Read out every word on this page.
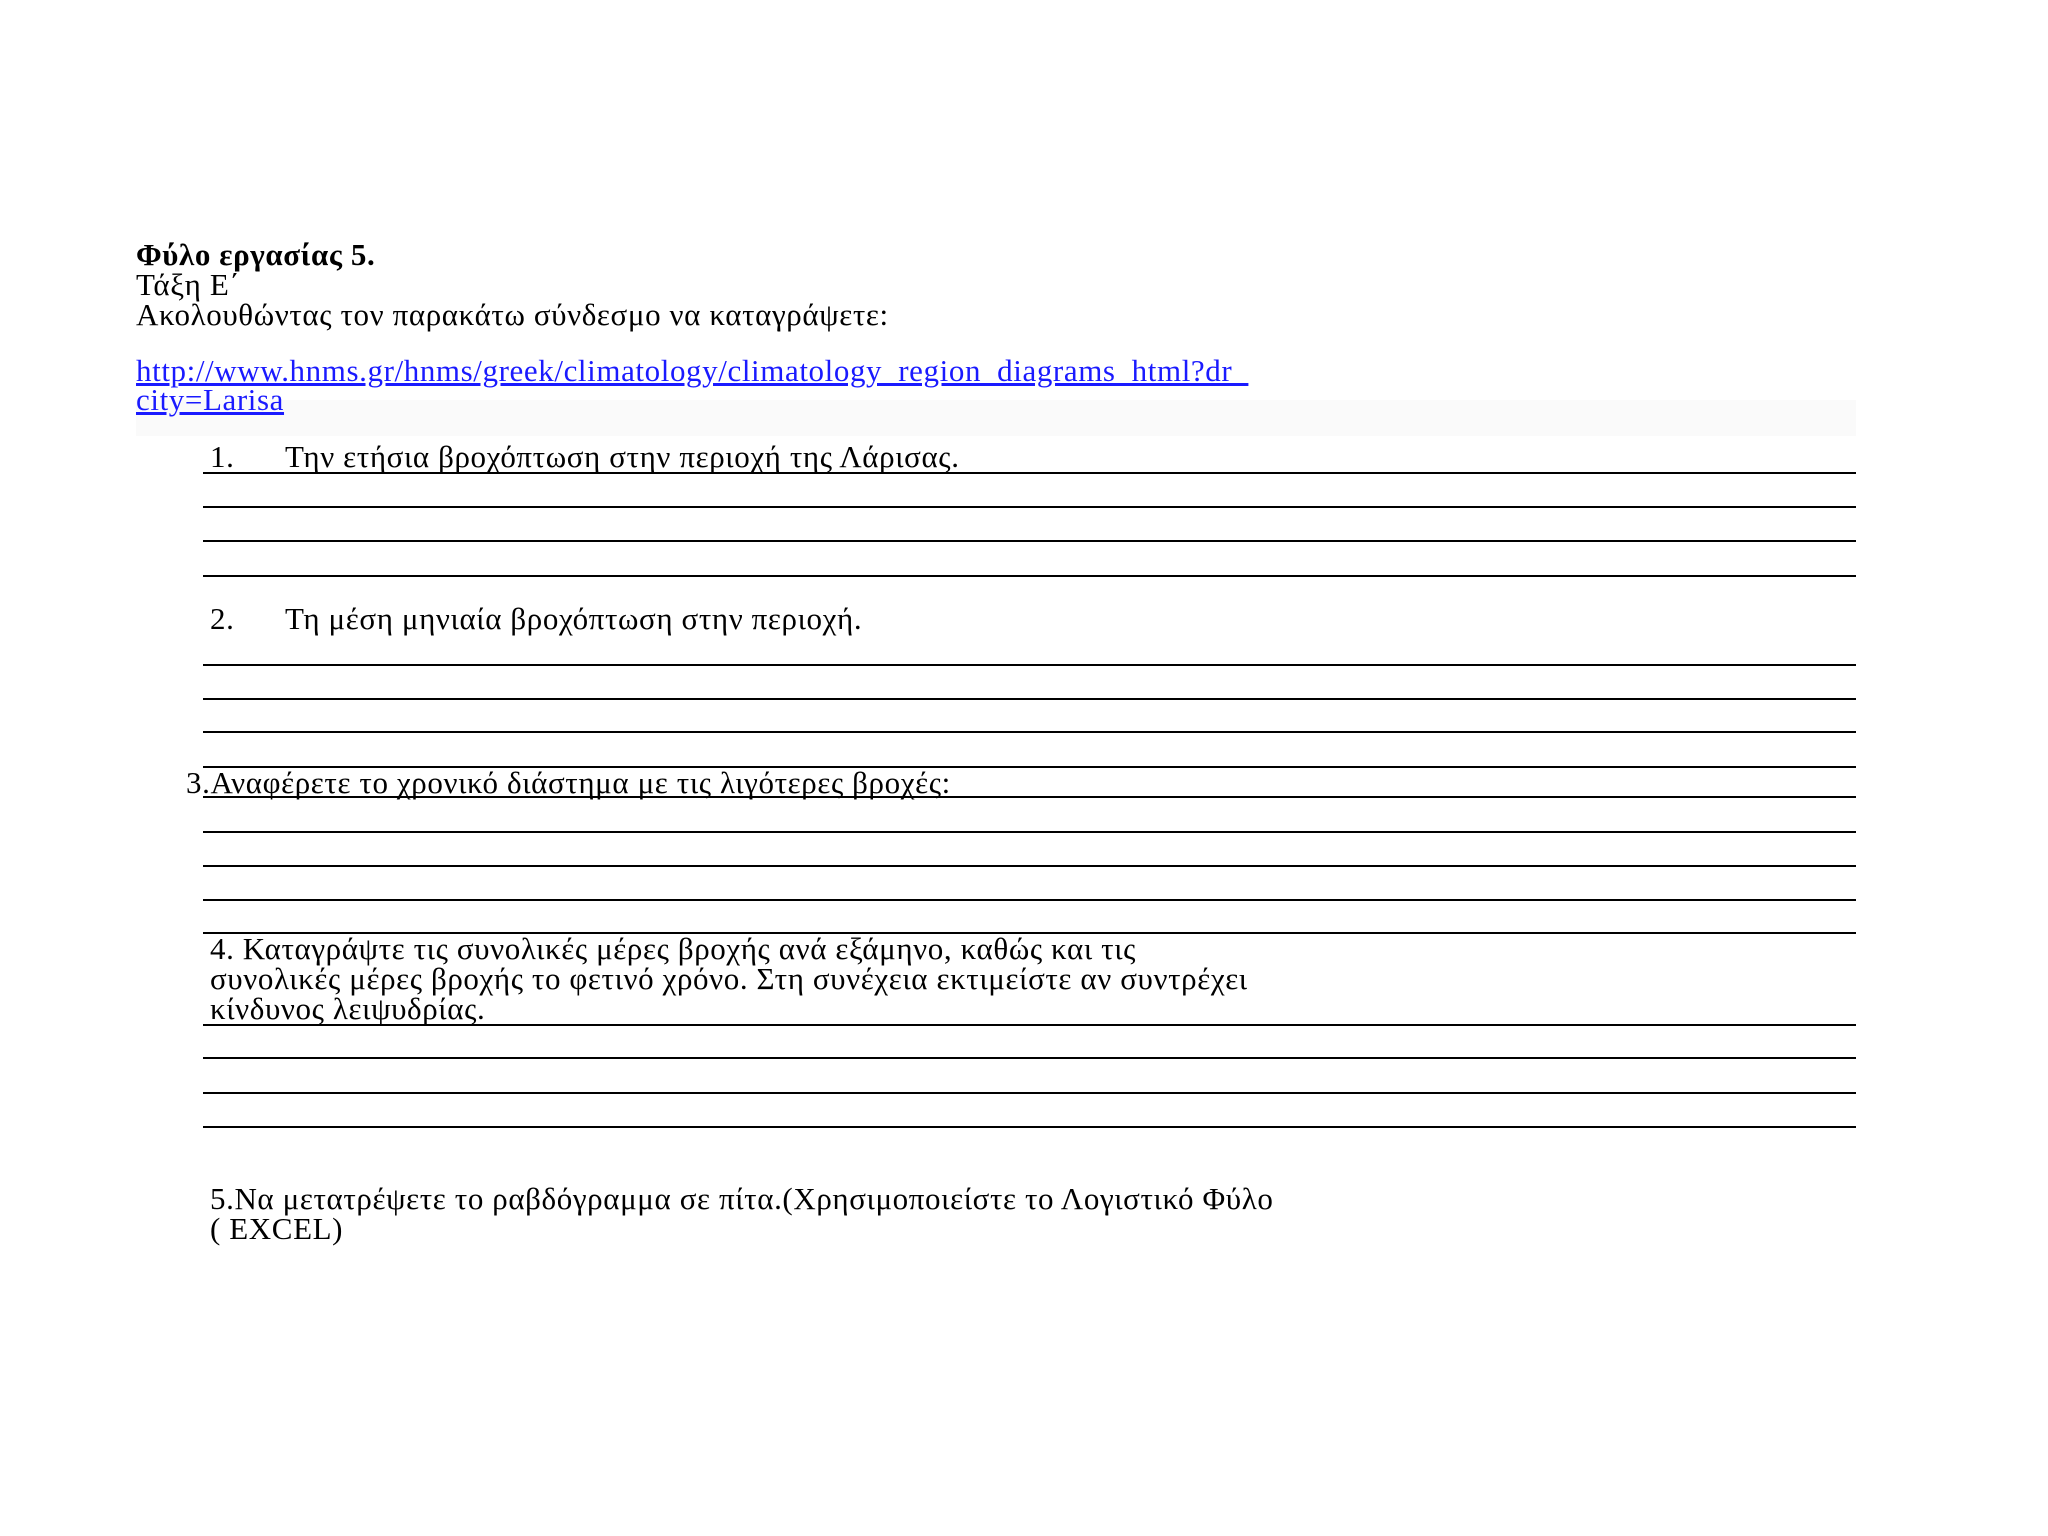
Φύλο εργασίας 5.
Τάξη Ε΄
Ακολουθώντας τον παρακάτω σύνδεσμο να καταγράψετε:
http://www.hnms.gr/hnms/greek/climatology/climatology_region_diagrams_html?dr_
city=Larisa
1. Την ετήσια βροχόπτωση στην περιοχή της Λάρισας.
2. Τη μέση μηνιαία βροχόπτωση στην περιοχή.
3.Αναφέρετε το χρονικό διάστημα με τις λιγότερες βροχές:
4. Καταγράψτε τις συνολικές μέρες βροχής ανά εξάμηνο, καθώς και τις
συνολικές μέρες βροχής το φετινό χρόνο. Στη συνέχεια εκτιμείστε αν συντρέχει
κίνδυνος λειψυδρίας.
5.Να μετατρέψετε το ραβδόγραμμα σε πίτα.(Χρησιμοποιείστε το Λογιστικό Φύλο
( EXCEL)
